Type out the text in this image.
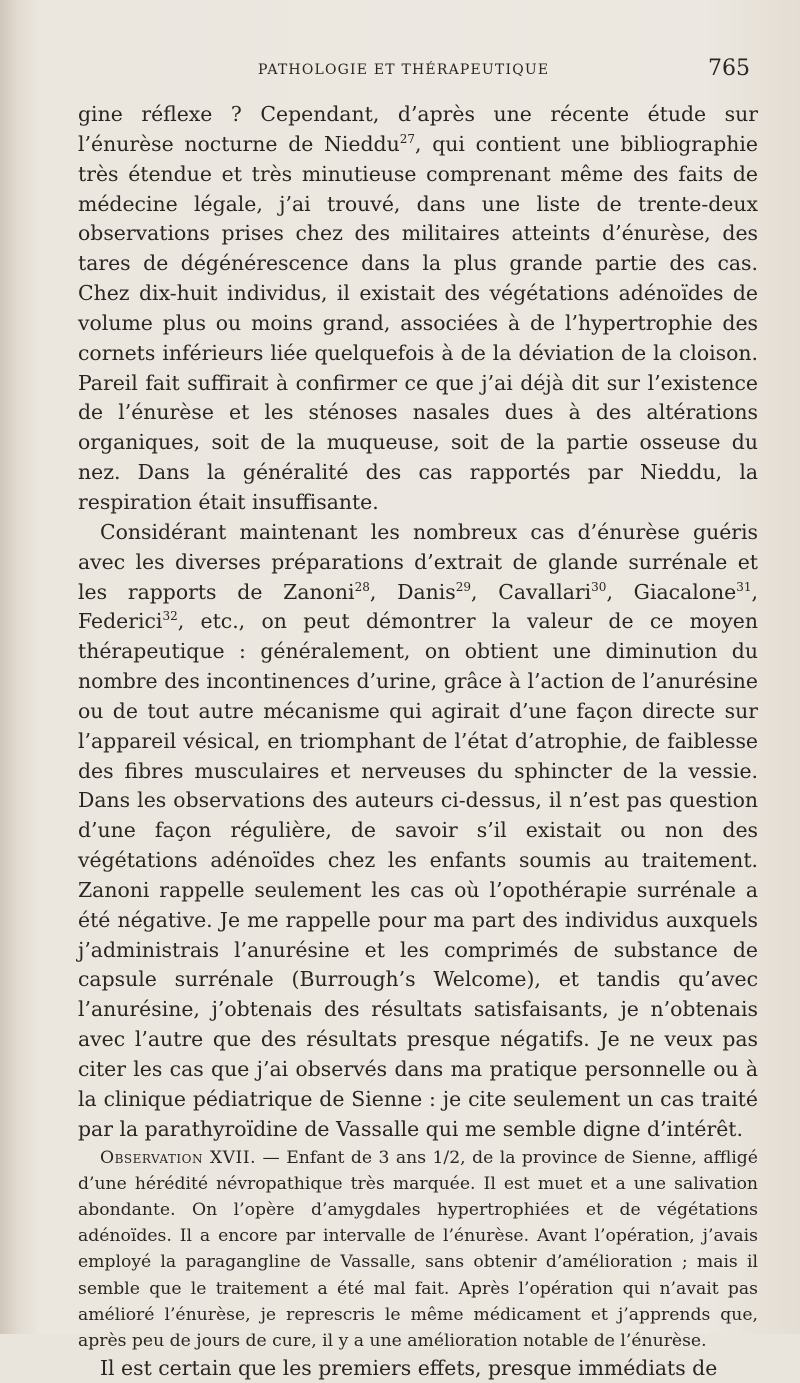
PATHOLOGIE ET THÉRAPEUTIQUE	765

gine réflexe ? Cependant, d’après une récente étude sur l’énurèse nocturne de Nieddu$^{27}$, qui contient une bibliographie très étendue et très minutieuse comprenant même des faits de médecine légale, j’ai trouvé, dans une liste de trente-deux observations prises chez des militaires atteints d’énurèse, des tares de dégénérescence dans la plus grande partie des cas. Chez dix-huit individus, il existait des végétations adénoïdes de volume plus ou moins grand, associées à de l’hypertrophie des cornets inférieurs liée quelquefois à de la déviation de la cloison. Pareil fait suffirait à confirmer ce que j’ai déjà dit sur l’existence de l’énurèse et les sténoses nasales dues à des altérations organiques, soit de la muqueuse, soit de la partie osseuse du nez. Dans la généralité des cas rapportés par Nieddu, la respiration était insuffisante.

Considérant maintenant les nombreux cas d’énurèse guéris avec les diverses préparations d’extrait de glande surrénale et les rapports de Zanoni$^{28}$, Danis$^{29}$, Cavallari$^{30}$, Giacalone$^{31}$, Federici$^{32}$, etc., on peut démontrer la valeur de ce moyen thérapeutique : généralement, on obtient une diminution du nombre des incontinences d’urine, grâce à l’action de l’anurésine ou de tout autre mécanisme qui agirait d’une façon directe sur l’appareil vésical, en triomphant de l’état d’atrophie, de faiblesse des fibres musculaires et nerveuses du sphincter de la vessie. Dans les observations des auteurs ci-dessus, il n’est pas question d’une façon régulière, de savoir s’il existait ou non des végétations adénoïdes chez les enfants soumis au traitement. Zanoni rappelle seulement les cas où l’opothérapie surrénale a été négative. Je me rappelle pour ma part des individus auxquels j’administrais l’anurésine et les comprimés de substance de capsule surrénale (Burrough’s Welcome), et tandis qu’avec l’anurésine, j’obtenais des résultats satisfaisants, je n’obtenais avec l’autre que des résultats presque négatifs. Je ne veux pas citer les cas que j’ai observés dans ma pratique personnelle ou à la clinique pédiatrique de Sienne : je cite seulement un cas traité par la parathyroïdine de Vassalle qui me semble digne d’intérêt.

Observation XVII. — Enfant de 3 ans 1/2, de la province de Sienne, affligé d’une hérédité névropathique très marquée. Il est muet et a une salivation abondante. On l’opère d’amygdales hypertrophiées et de végétations adénoïdes. Il a encore par intervalle de l’énurèse. Avant l’opération, j’avais employé la paragangline de Vassalle, sans obtenir d’amélioration ; mais il semble que le traitement a été mal fait. Après l’opération qui n’avait pas amélioré l’énurèse, je represcris le même médicament et j’apprends que, après peu de jours de cure, il y a une amélioration notable de l’énurèse.

Il est certain que les premiers effets, presque immédiats de
